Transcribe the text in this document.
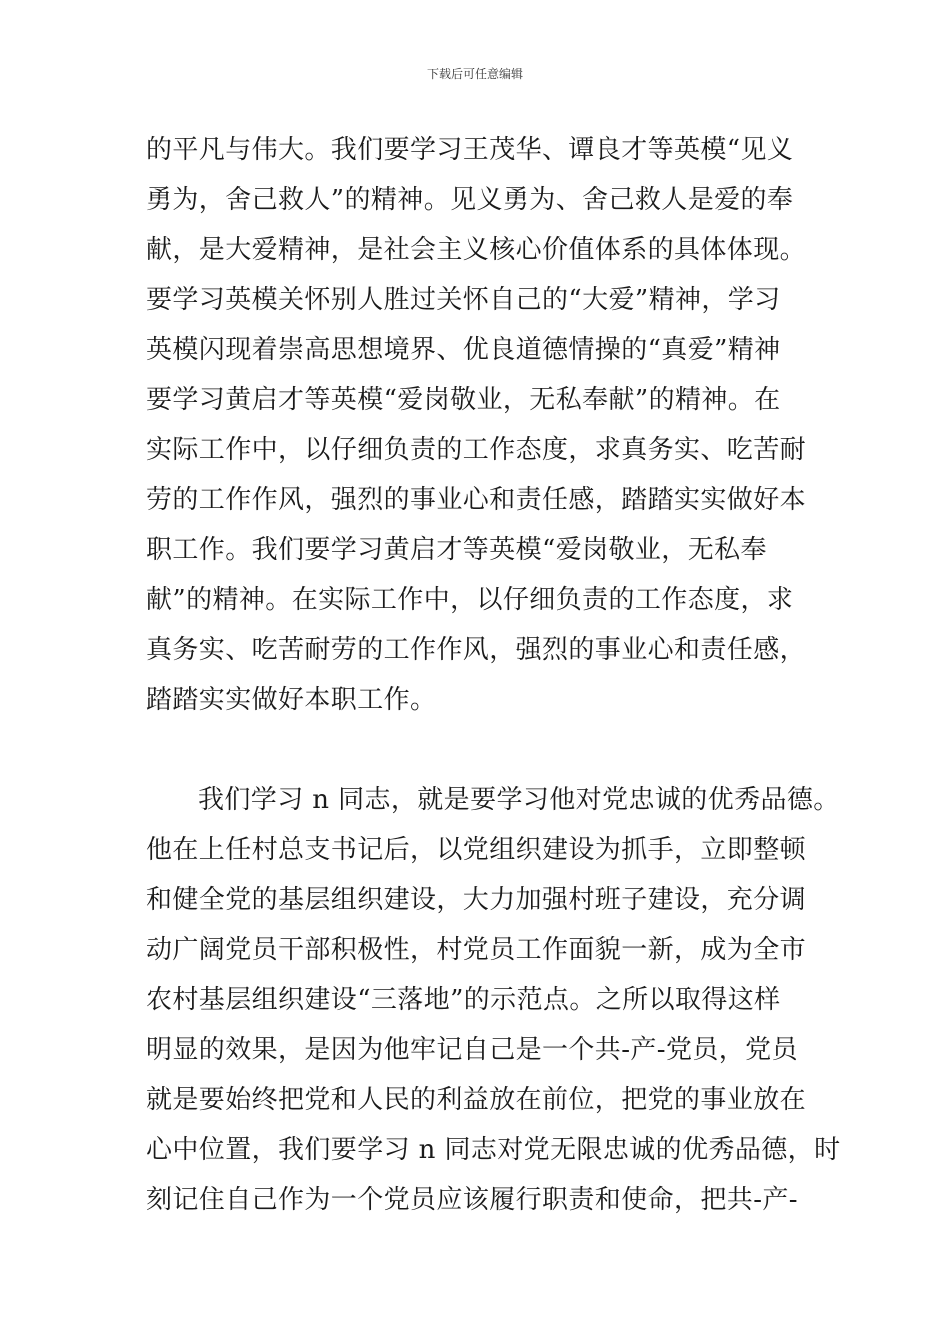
下载后可任意编辑
的平凡与伟大。我们要学习王茂华、谭良才等英模“见义
勇为，舍己救人”的精神。见义勇为、舍己救人是爱的奉
献，是大爱精神，是社会主义核心价值体系的具体体现。
要学习英模关怀别人胜过关怀自己的“大爱”精神，学习
英模闪现着崇高思想境界、优良道德情操的“真爱”精神
要学习黄启才等英模“爱岗敬业，无私奉献”的精神。在
实际工作中，以仔细负责的工作态度，求真务实、吃苦耐
劳的工作作风，强烈的事业心和责任感，踏踏实实做好本
职工作。我们要学习黄启才等英模“爱岗敬业，无私奉
献”的精神。在实际工作中，以仔细负责的工作态度，求
真务实、吃苦耐劳的工作作风，强烈的事业心和责任感，
踏踏实实做好本职工作。
我们学习 n 同志，就是要学习他对党忠诚的优秀品德。
他在上任村总支书记后，以党组织建设为抓手，立即整顿
和健全党的基层组织建设，大力加强村班子建设，充分调
动广阔党员干部积极性，村党员工作面貌一新，成为全市
农村基层组织建设“三落地”的示范点。之所以取得这样
明显的效果，是因为他牢记自己是一个共-产-党员，党员
就是要始终把党和人民的利益放在前位，把党的事业放在
心中位置，我们要学习 n 同志对党无限忠诚的优秀品德，时
刻记住自己作为一个党员应该履行职责和使命，把共-产-
